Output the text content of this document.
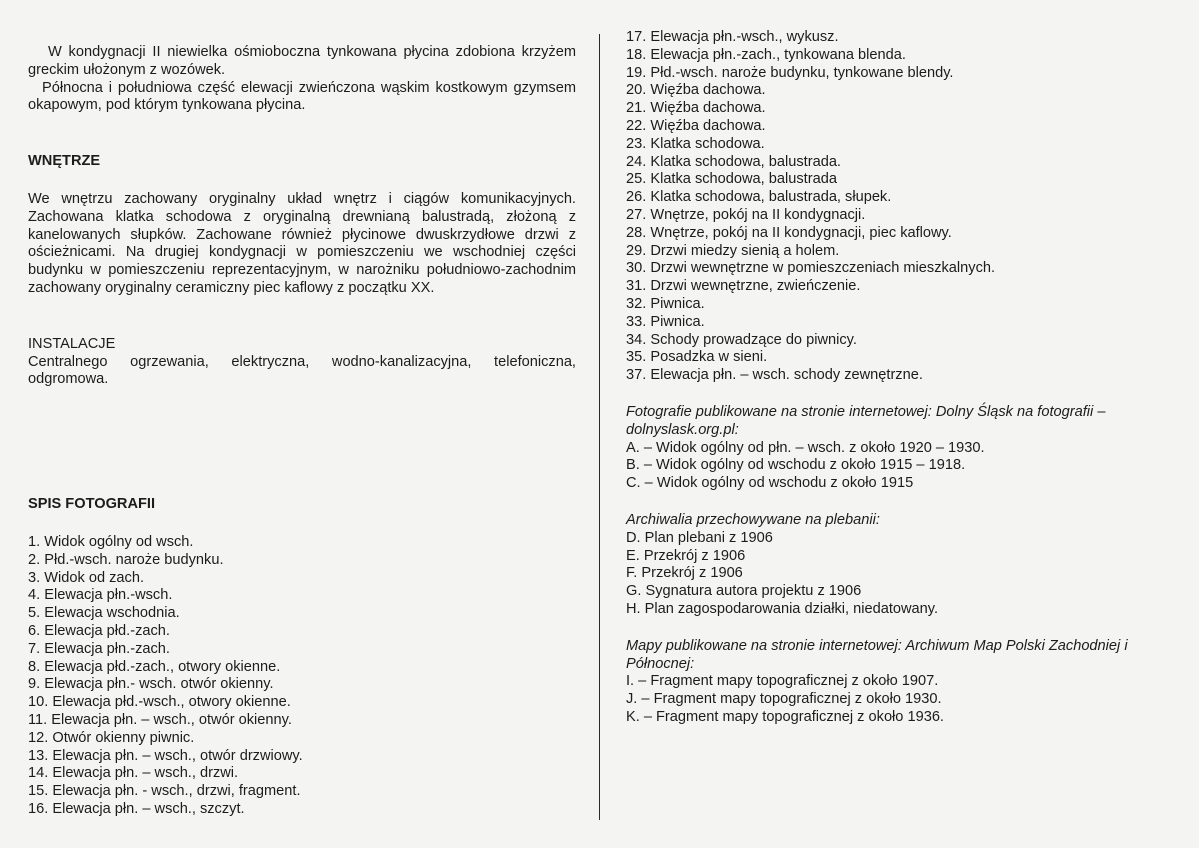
W kondygnacji II niewielka ośmioboczna tynkowana płycina zdobiona krzyżem greckim ułożonym z wozówek.

Północna i południowa część elewacji zwieńczona wąskim kostkowym gzymsem okapowym, pod którym tynkowana płycina.

WNĘTRZE

We wnętrzu zachowany oryginalny układ wnętrz i ciągów komunikacyjnych. Zachowana klatka schodowa z oryginalną drewnianą balustradą, złożoną z kanelowanych słupków. Zachowane również płycinowe dwuskrzydłowe drzwi z ościeżnicami. Na drugiej kondygnacji w pomieszczeniu we wschodniej części budynku w pomieszczeniu reprezentacyjnym, w narożniku południowo-zachodnim zachowany oryginalny ceramiczny piec kaflowy z początku XX.

INSTALACJE

Centralnego ogrzewania, elektryczna, wodno-kanalizacyjna, telefoniczna, odgromowa.

SPIS FOTOGRAFII

1. Widok ogólny od wsch.
2. Płd.-wsch. naroże budynku.
3. Widok od zach.
4. Elewacja płn.-wsch.
5. Elewacja wschodnia.
6. Elewacja płd.-zach.
7. Elewacja płn.-zach.
8. Elewacja płd.-zach., otwory okienne.
9. Elewacja płn.- wsch. otwór okienny.
10. Elewacja płd.-wsch., otwory okienne.
11. Elewacja płn. – wsch., otwór okienny.
12. Otwór okienny piwnic.
13. Elewacja płn. – wsch., otwór drzwiowy.
14. Elewacja płn. – wsch., drzwi.
15. Elewacja płn. - wsch., drzwi, fragment.
16. Elewacja płn. – wsch., szczyt.
17. Elewacja płn.-wsch., wykusz.
18. Elewacja płn.-zach., tynkowana blenda.
19. Płd.-wsch. naroże budynku, tynkowane blendy.
20. Więźba dachowa.
21. Więźba dachowa.
22. Więźba dachowa.
23. Klatka schodowa.
24. Klatka schodowa, balustrada.
25. Klatka schodowa, balustrada
26. Klatka schodowa, balustrada, słupek.
27. Wnętrze, pokój na II kondygnacji.
28. Wnętrze, pokój na II kondygnacji, piec kaflowy.
29. Drzwi miedzy sienią a holem.
30. Drzwi wewnętrzne w pomieszczeniach mieszkalnych.
31. Drzwi wewnętrzne, zwieńczenie.
32. Piwnica.
33. Piwnica.
34. Schody prowadzące do piwnicy.
35. Posadzka w sieni.
37. Elewacja płn. – wsch. schody zewnętrzne.

Fotografie publikowane na stronie internetowej: Dolny Śląsk na fotografii – dolnyslask.org.pl:

A. – Widok ogólny od płn. – wsch. z około 1920 – 1930.
B. – Widok ogólny od wschodu z około 1915 – 1918.
C. – Widok ogólny od wschodu z około 1915

Archiwalia przechowywane na plebanii:

D. Plan plebani z 1906
E. Przekrój z 1906
F. Przekrój z 1906
G. Sygnatura autora projektu z 1906
H. Plan zagospodarowania działki, niedatowany.

Mapy publikowane na stronie internetowej: Archiwum Map Polski Zachodniej i Północnej:

I. – Fragment mapy topograficznej z około 1907.
J. – Fragment mapy topograficznej z około 1930.
K. – Fragment mapy topograficznej z około 1936.
